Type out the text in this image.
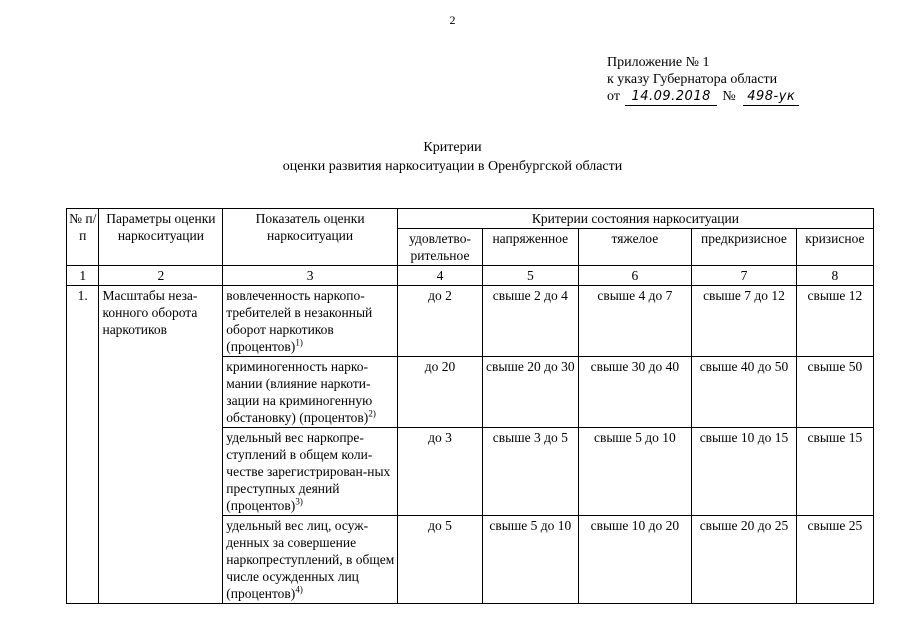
2
Приложение № 1
к указу Губернатора области
от 14.09.2018 № 498-ук
Критерии
оценки развития наркоситуации в Оренбургской области
№ п/п	Параметры оценки наркоситуации	Показатель оценки наркоситуации	Критерии состояния наркоситуации				
			удовлетво-рительное	напряженное	тяжелое	предкризисное	кризисное
1	2	3	4	5	6	7	8
1.	Масштабы неза-конного оборота наркотиков	вовлеченность наркопо-требителей в незаконный оборот наркотиков (процентов)$^{1)}$	до 2	свыше 2 до 4	свыше 4 до 7	свыше 7 до 12	свыше 12
		криминогенность нарко-мании (влияние наркоти-зации на криминогенную обстановку) (процентов)$^{2)}$	до 20	свыше 20 до 30	свыше 30 до 40	свыше 40 до 50	свыше 50
		удельный вес наркопре-ступлений в общем коли-честве зарегистрирован-ных преступных деяний (процентов)$^{3)}$	до 3	свыше 3 до 5	свыше 5 до 10	свыше 10 до 15	свыше 15
		удельный вес лиц, осуж-денных за совершение наркопреступлений, в общем числе осужденных лиц (процентов)$^{4)}$	до 5	свыше 5 до 10	свыше 10 до 20	свыше 20 до 25	свыше 25
